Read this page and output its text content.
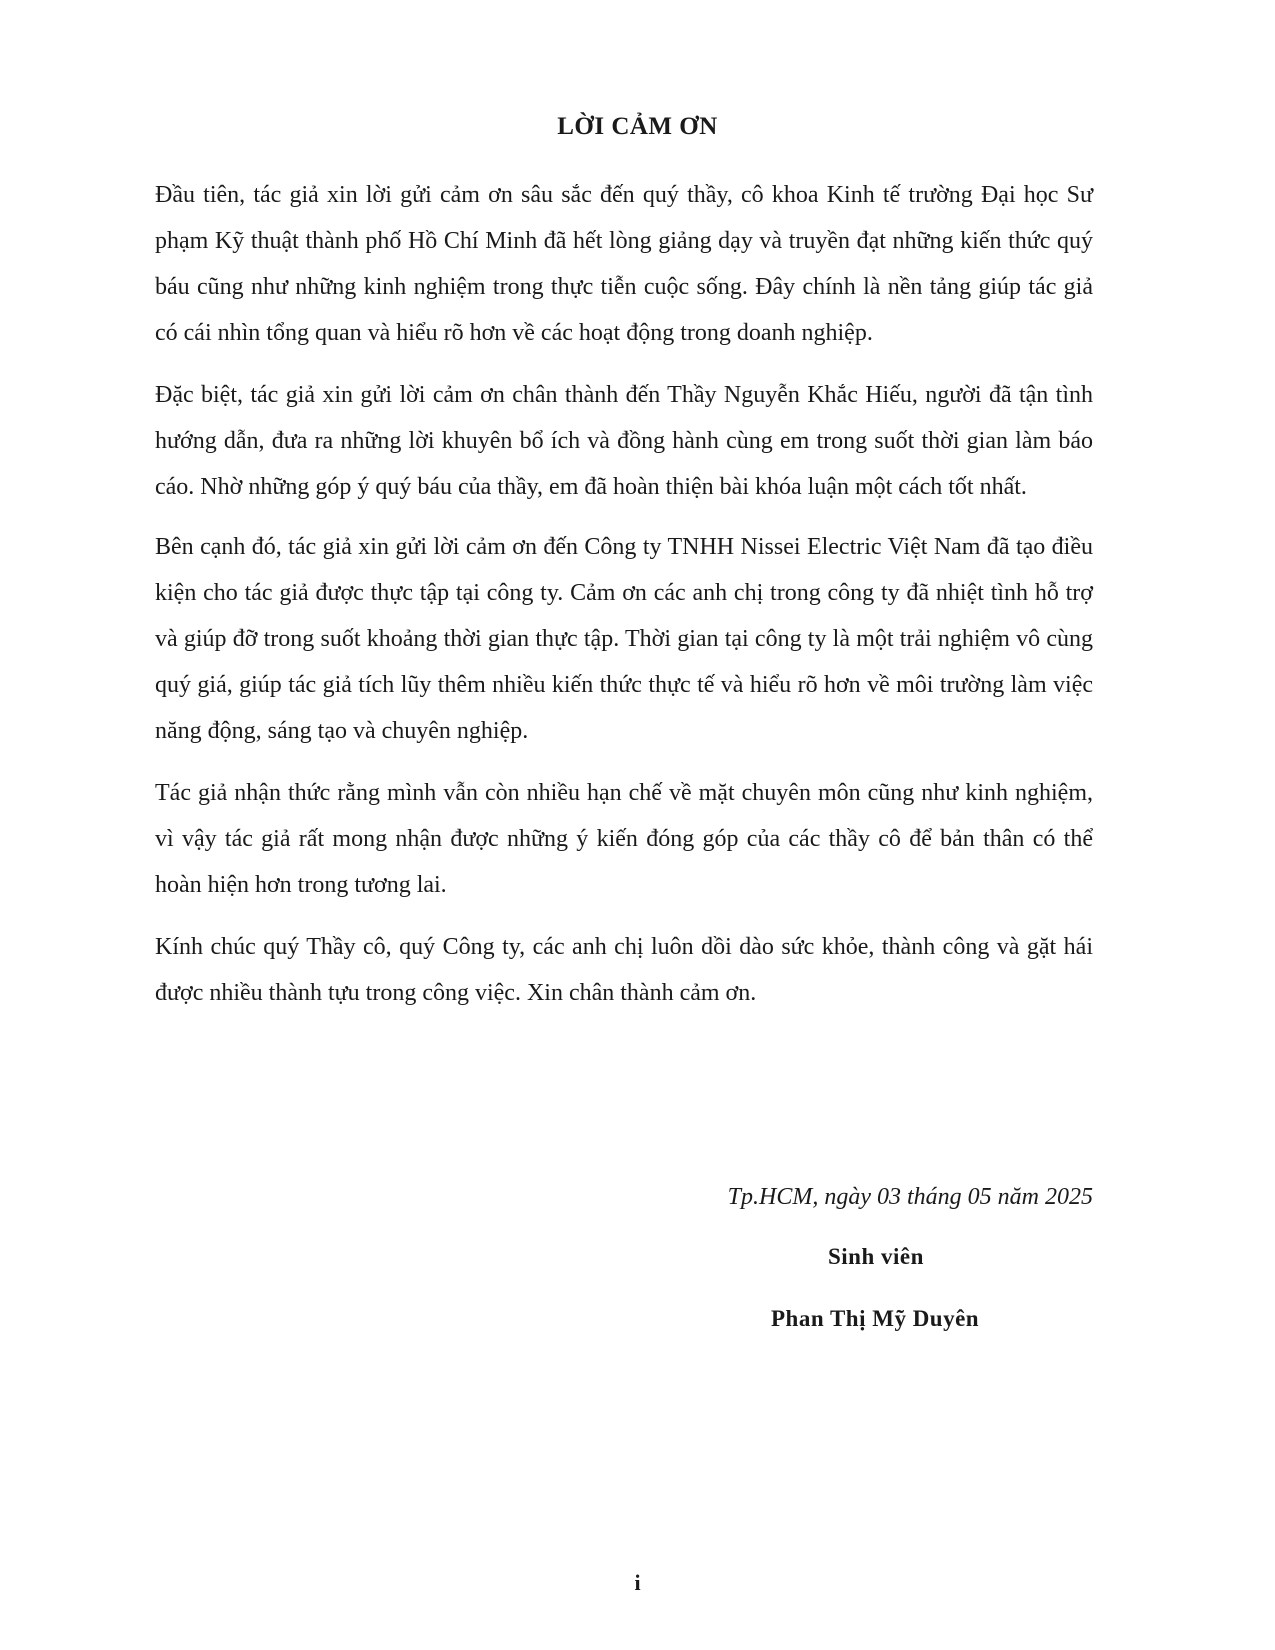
LỜI CẢM ƠN

Đầu tiên, tác giả xin lời gửi cảm ơn sâu sắc đến quý thầy, cô khoa Kinh tế trường Đại học Sư phạm Kỹ thuật thành phố Hồ Chí Minh đã hết lòng giảng dạy và truyền đạt những kiến thức quý báu cũng như những kinh nghiệm trong thực tiễn cuộc sống. Đây chính là nền tảng giúp tác giả có cái nhìn tổng quan và hiểu rõ hơn về các hoạt động trong doanh nghiệp.

Đặc biệt, tác giả xin gửi lời cảm ơn chân thành đến Thầy Nguyễn Khắc Hiếu, người đã tận tình hướng dẫn, đưa ra những lời khuyên bổ ích và đồng hành cùng em trong suốt thời gian làm báo cáo. Nhờ những góp ý quý báu của thầy, em đã hoàn thiện bài khóa luận một cách tốt nhất.

Bên cạnh đó, tác giả xin gửi lời cảm ơn đến Công ty TNHH Nissei Electric Việt Nam đã tạo điều kiện cho tác giả được thực tập tại công ty. Cảm ơn các anh chị trong công ty đã nhiệt tình hỗ trợ và giúp đỡ trong suốt khoảng thời gian thực tập. Thời gian tại công ty là một trải nghiệm vô cùng quý giá, giúp tác giả tích lũy thêm nhiều kiến thức thực tế và hiểu rõ hơn về môi trường làm việc năng động, sáng tạo và chuyên nghiệp.

Tác giả nhận thức rằng mình vẫn còn nhiều hạn chế về mặt chuyên môn cũng như kinh nghiệm, vì vậy tác giả rất mong nhận được những ý kiến đóng góp của các thầy cô để bản thân có thể hoàn hiện hơn trong tương lai.

Kính chúc quý Thầy cô, quý Công ty, các anh chị luôn dồi dào sức khỏe, thành công và gặt hái được nhiều thành tựu trong công việc. Xin chân thành cảm ơn.

Tp.HCM, ngày 03 tháng 05 năm 2025
Sinh viên
Phan Thị Mỹ Duyên
i
